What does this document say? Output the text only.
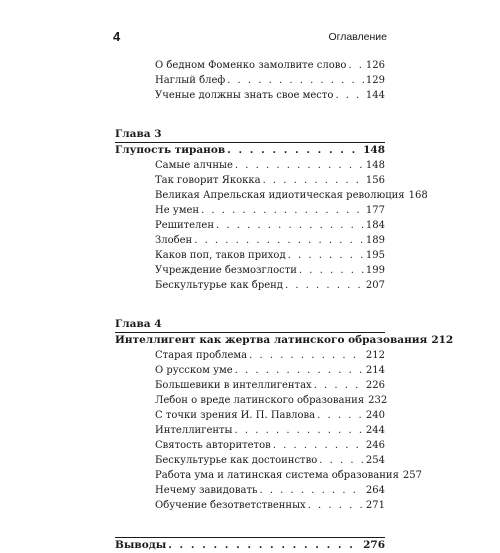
4	Оглавление
О бедном Фоменко замолвите слово . . . 126
Наглый блеф . . .	129
Ученые должны знать свое место . . .	144
Глава 3
Глупость тиранов . . .	148
Самые алчные . . .	148
Так говорит Якокка . . .	156
Великая Апрельская идиотическая революция 168
Не умен . . .	177
Решителен . . .	184
Злобен . . .	189
Каков поп, таков приход . . .	195
Учреждение безмозглости . . .	199
Бескультурье как бренд . . .	207
Глава 4
Интеллигент как жертва латинского образования 212
Старая проблема . . .	212
О русском уме . . .	214
Большевики в интеллигентах . . .	226
Лебон о вреде латинского образования 232
С точки зрения И. П. Павлова . . .	240
Интеллигенты . . .	244
Святость авторитетов . . .	246
Бескультурье как достоинство . . .	254
Работа ума и латинская система образования 257
Нечему завидовать . . .	264
Обучение безответственных . . .	271
Выводы . . .	276
